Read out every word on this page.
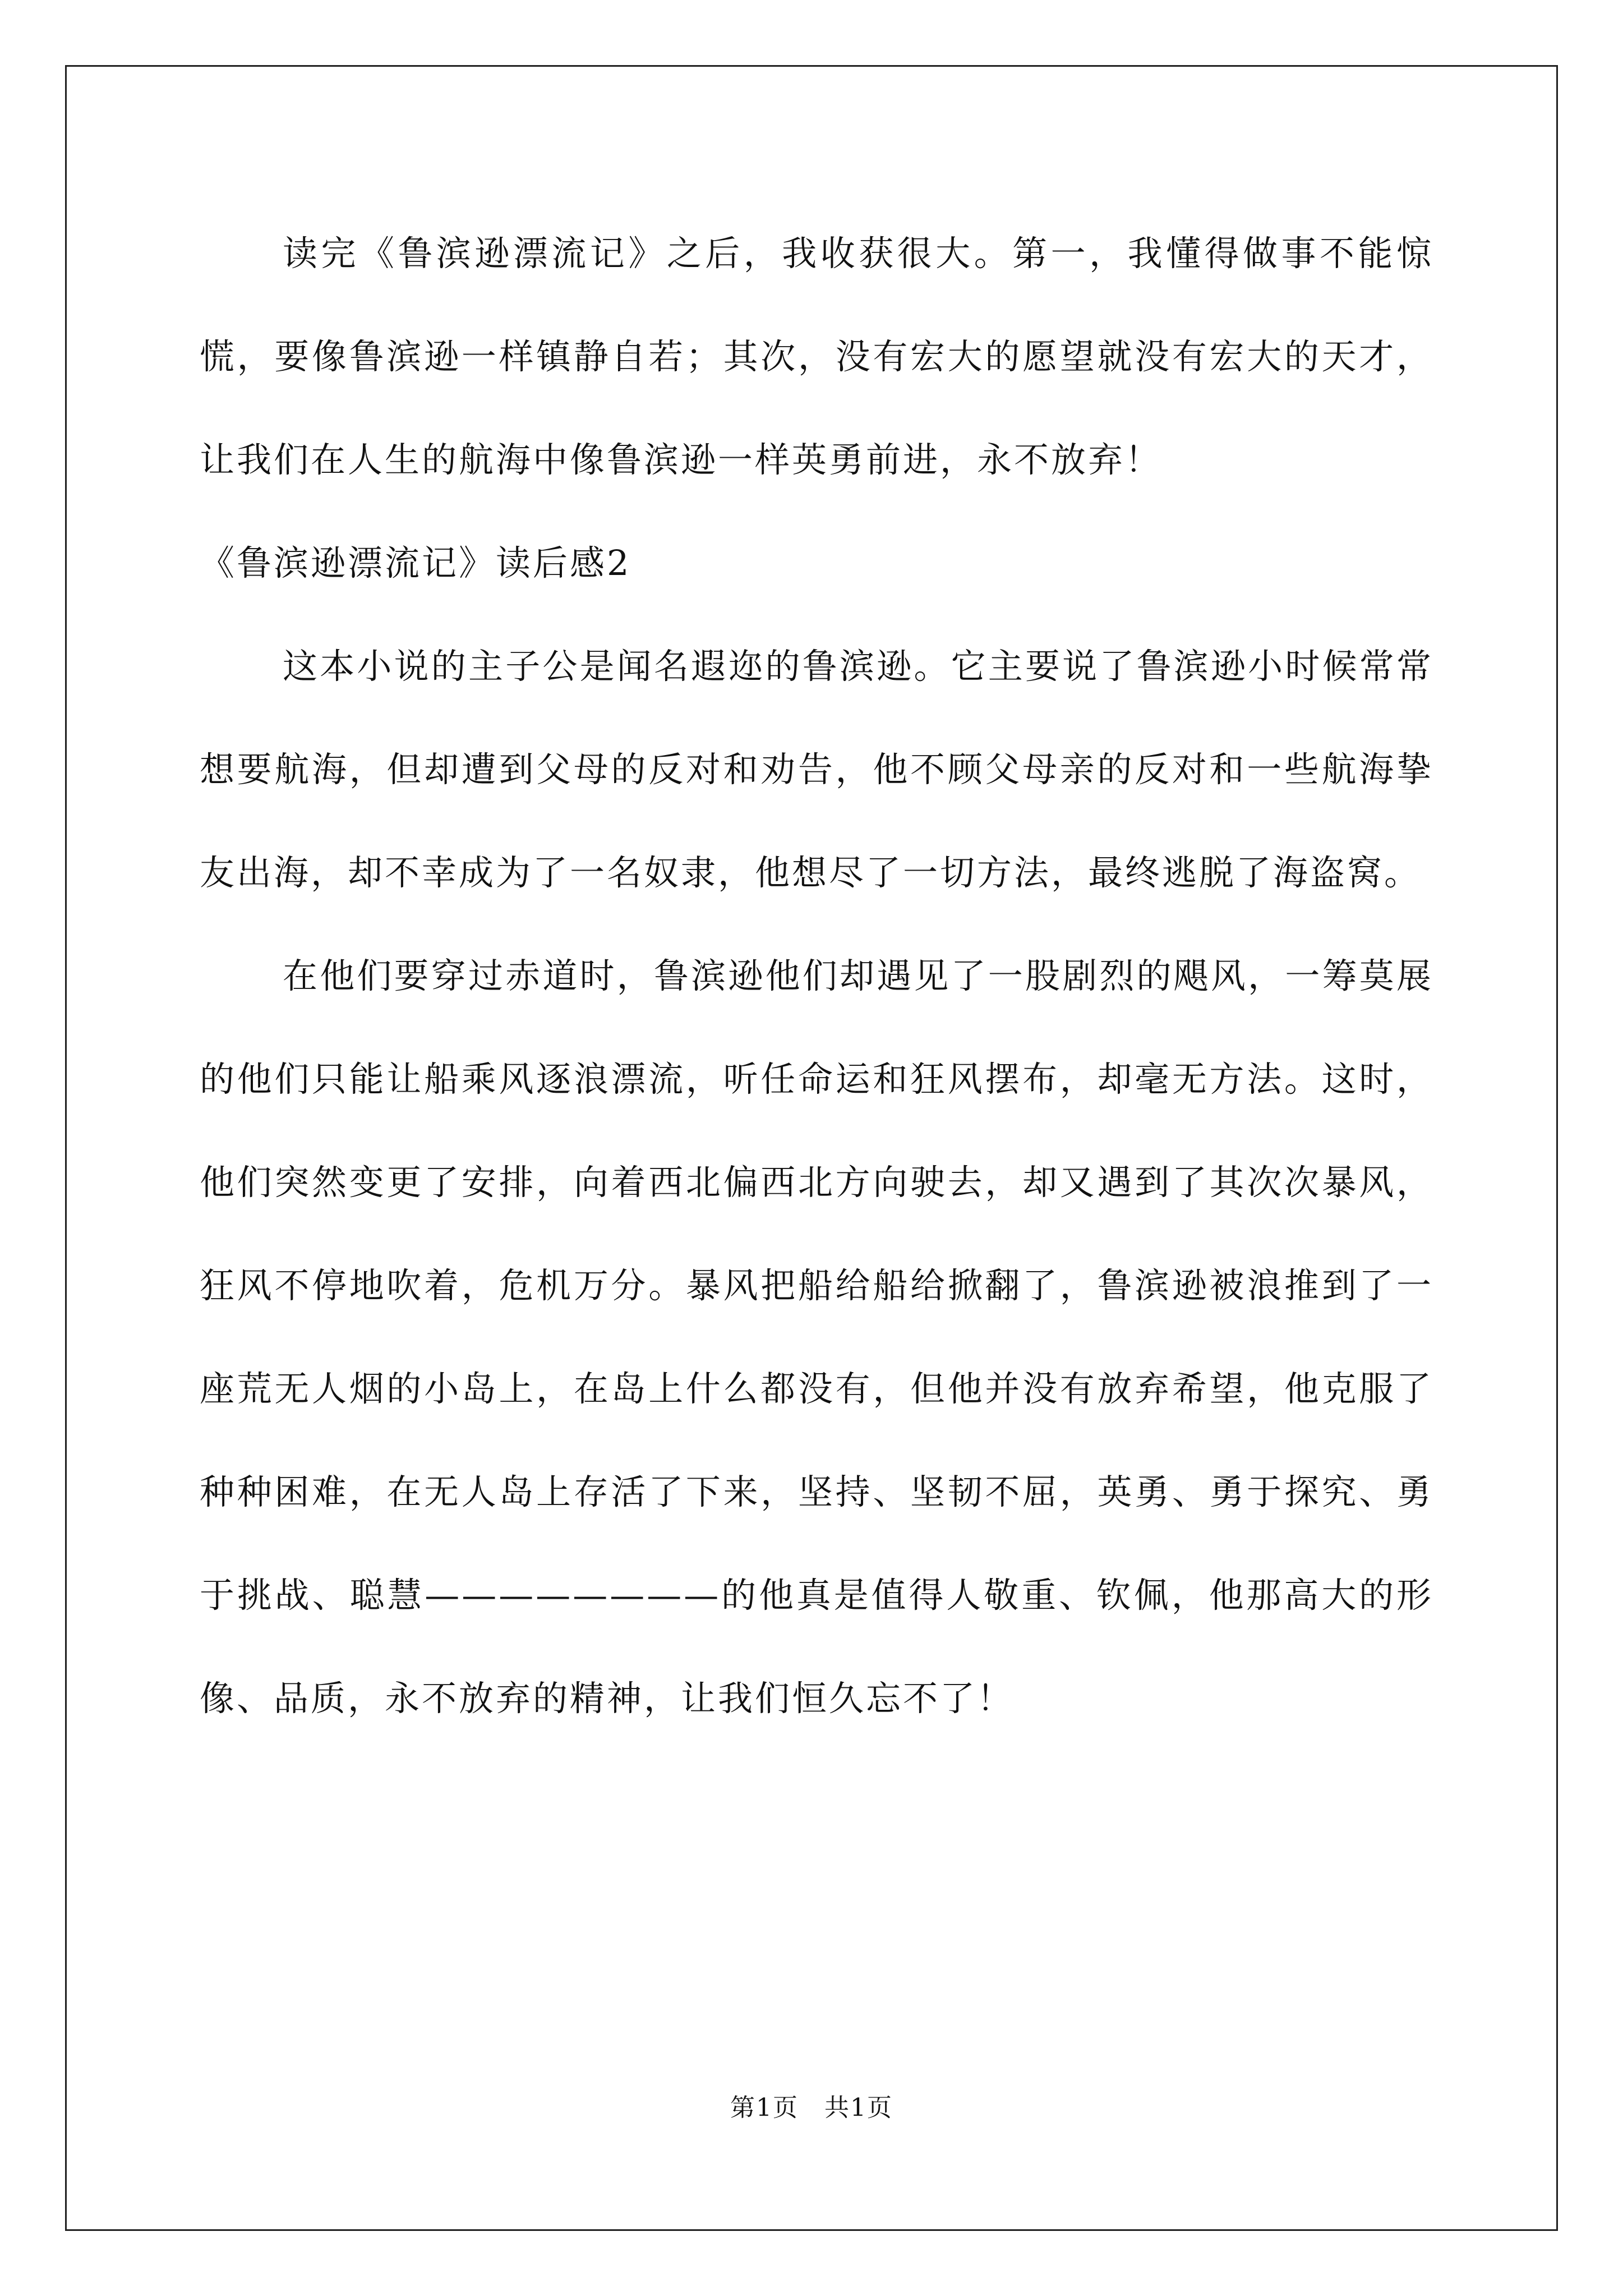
读完《鲁滨逊漂流记》之后，我收获很大。第一，我懂得做事不能惊慌，要像鲁滨逊一样镇静自若；其次，没有宏大的愿望就没有宏大的天才，让我们在人生的航海中像鲁滨逊一样英勇前进，永不放弃！

《鲁滨逊漂流记》读后感2

这本小说的主子公是闻名遐迩的鲁滨逊。它主要说了鲁滨逊小时候常常想要航海，但却遭到父母的反对和劝告，他不顾父母亲的反对和一些航海挚友出海，却不幸成为了一名奴隶，他想尽了一切方法，最终逃脱了海盗窝。

在他们要穿过赤道时，鲁滨逊他们却遇见了一股剧烈的飓风，一筹莫展的他们只能让船乘风逐浪漂流，听任命运和狂风摆布，却毫无方法。这时，他们突然变更了安排，向着西北偏西北方向驶去，却又遇到了其次次暴风，狂风不停地吹着，危机万分。暴风把船给船给掀翻了，鲁滨逊被浪推到了一座荒无人烟的小岛上，在岛上什么都没有，但他并没有放弃希望，他克服了种种困难，在无人岛上存活了下来，坚持、坚韧不屈，英勇、勇于探究、勇于挑战、聪慧————————的他真是值得人敬重、钦佩，他那高大的形像、品质，永不放弃的精神，让我们恒久忘不了！

第1页 共1页
